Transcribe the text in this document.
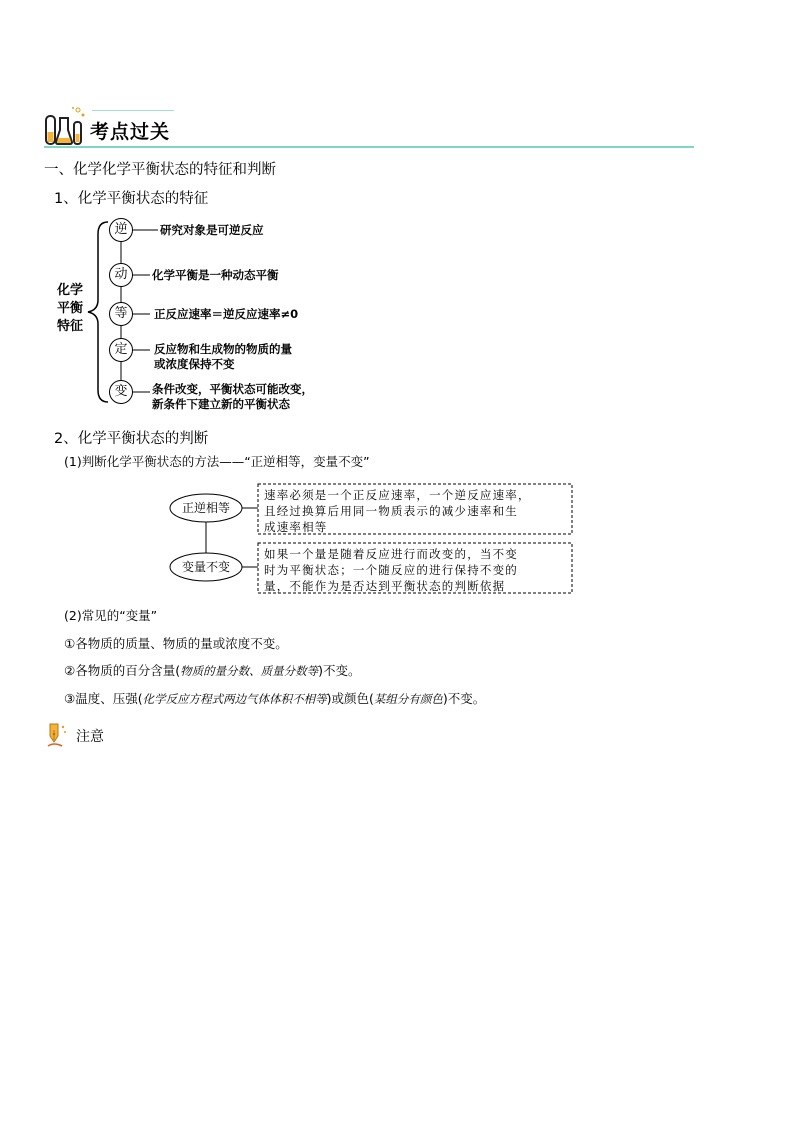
考点过关
一、化学化学平衡状态的特征和判断
1、化学平衡状态的特征
化学
平衡
特征
逆
动
等
定
变
研究对象是可逆反应
化学平衡是一种动态平衡
正反应速率＝逆反应速率≠0
反应物和生成物的物质的量
或浓度保持不变
条件改变，平衡状态可能改变，
新条件下建立新的平衡状态
2、化学平衡状态的判断
(1)判断化学平衡状态的方法——“正逆相等，变量不变”
正逆相等
变量不变
速率必须是一个正反应速率，一个逆反应速率，
且经过换算后用同一物质表示的减少速率和生
成速率相等
如果一个量是随着反应进行而改变的，当不变
时为平衡状态；一个随反应的进行保持不变的
量，不能作为是否达到平衡状态的判断依据
(2)常见的“变量”
①各物质的质量、物质的量或浓度不变。
②各物质的百分含量(物质的量分数、质量分数等)不变。
③温度、压强(化学反应方程式两边气体体积不相等)或颜色(某组分有颜色)不变。
注意
